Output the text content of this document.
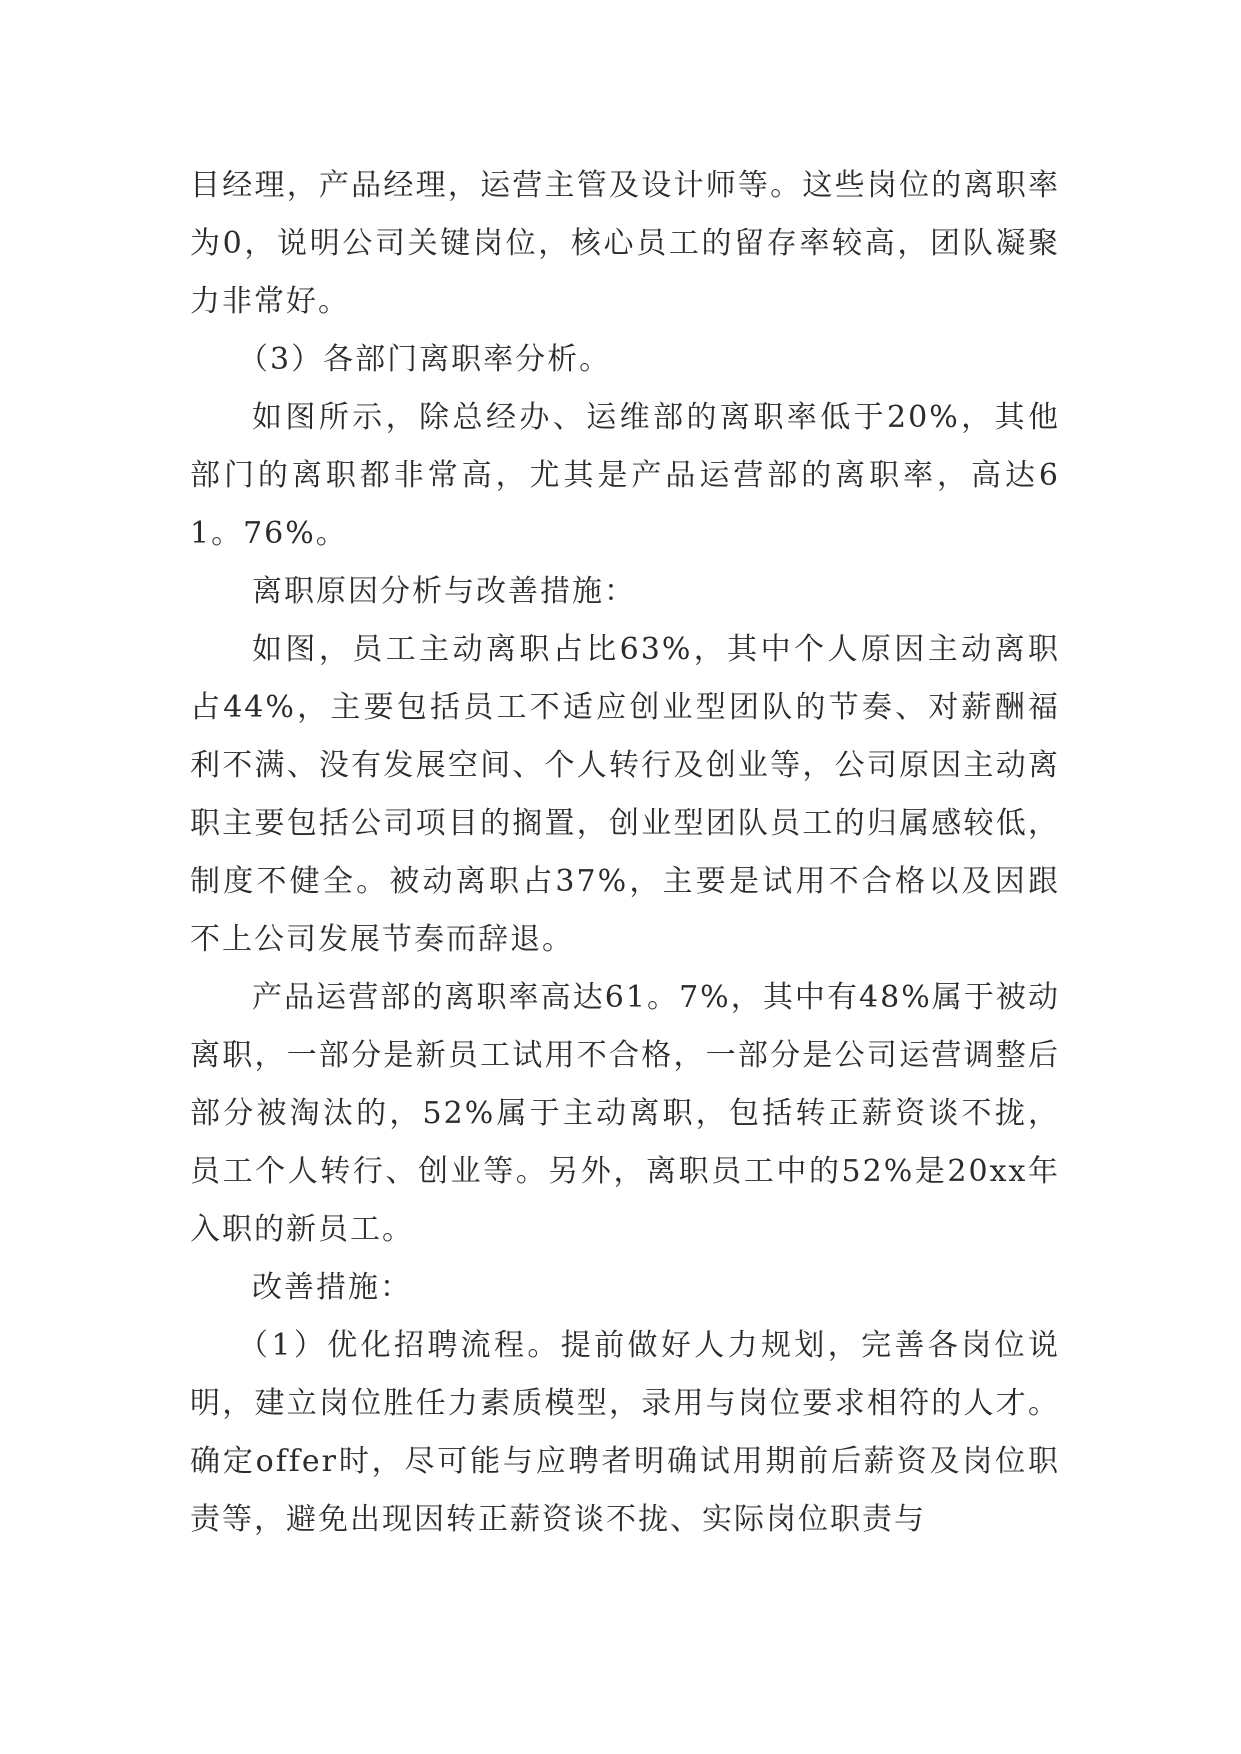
目经理，产品经理，运营主管及设计师等。这些岗位的离职率为0，说明公司关键岗位，核心员工的留存率较高，团队凝聚力非常好。

（3）各部门离职率分析。

如图所示，除总经办、运维部的离职率低于20%，其他部门的离职都非常高，尤其是产品运营部的离职率，高达61。76%。

离职原因分析与改善措施：

如图，员工主动离职占比63%，其中个人原因主动离职占44%，主要包括员工不适应创业型团队的节奏、对薪酬福利不满、没有发展空间、个人转行及创业等，公司原因主动离职主要包括公司项目的搁置，创业型团队员工的归属感较低，制度不健全。被动离职占37%，主要是试用不合格以及因跟不上公司发展节奏而辞退。

产品运营部的离职率高达61。7%，其中有48%属于被动离职，一部分是新员工试用不合格，一部分是公司运营调整后部分被淘汰的，52%属于主动离职，包括转正薪资谈不拢，员工个人转行、创业等。另外，离职员工中的52%是20xx年入职的新员工。

改善措施：

（1）优化招聘流程。提前做好人力规划，完善各岗位说明，建立岗位胜任力素质模型，录用与岗位要求相符的人才。确定offer时，尽可能与应聘者明确试用期前后薪资及岗位职责等，避免出现因转正薪资谈不拢、实际岗位职责与
